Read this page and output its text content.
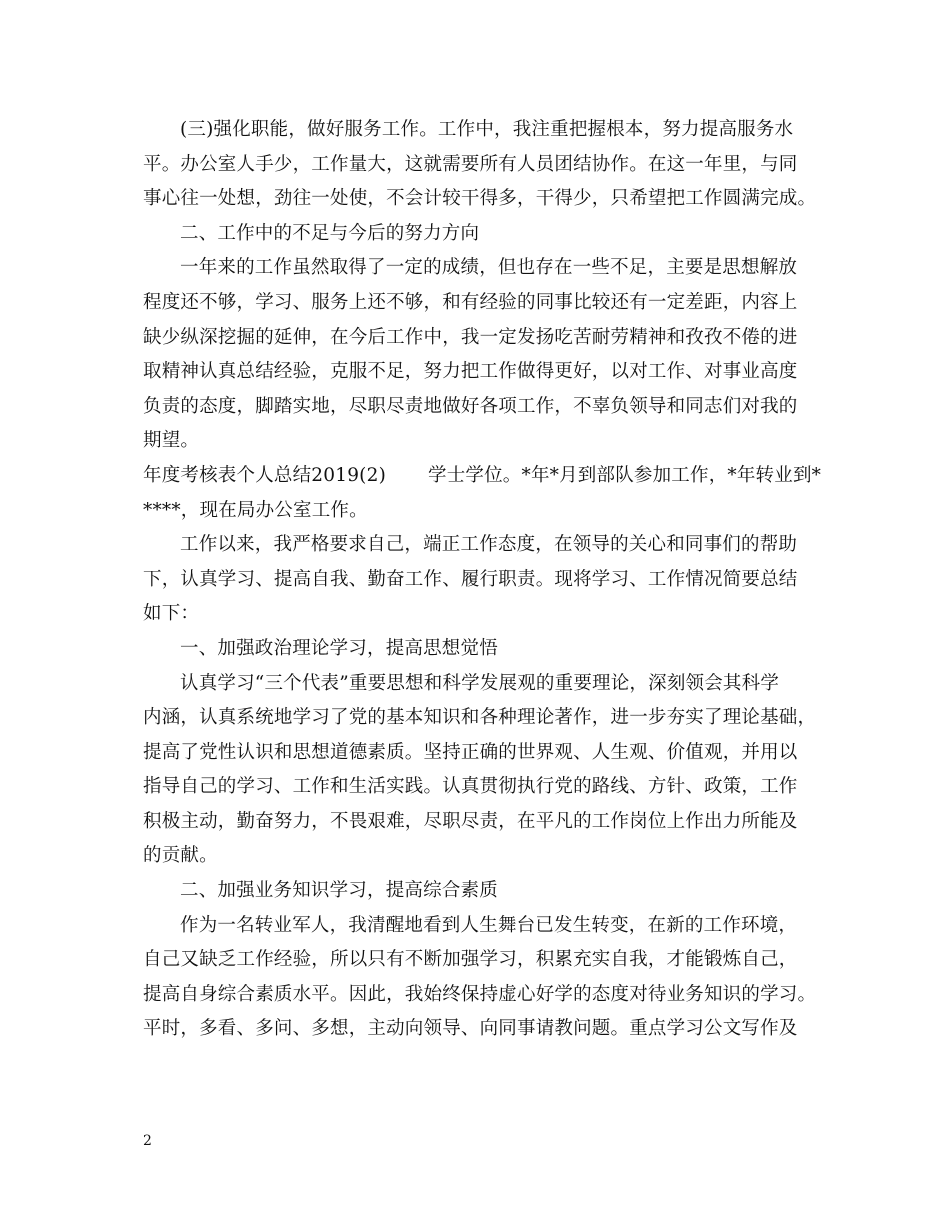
(三)强化职能，做好服务工作。工作中，我注重把握根本，努力提高服务水
平。办公室人手少，工作量大，这就需要所有人员团结协作。在这一年里，与同
事心往一处想，劲往一处使，不会计较干得多，干得少，只希望把工作圆满完成。
二、工作中的不足与今后的努力方向
一年来的工作虽然取得了一定的成绩，但也存在一些不足，主要是思想解放
程度还不够，学习、服务上还不够，和有经验的同事比较还有一定差距，内容上
缺少纵深挖掘的延伸，在今后工作中，我一定发扬吃苦耐劳精神和孜孜不倦的进
取精神认真总结经验，克服不足，努力把工作做得更好，以对工作、对事业高度
负责的态度，脚踏实地，尽职尽责地做好各项工作，不辜负领导和同志们对我的
期望。
年度考核表个人总结2019(2) 学士学位。*年*月到部队参加工作，*年转业到*
****，现在局办公室工作。
工作以来，我严格要求自己，端正工作态度，在领导的关心和同事们的帮助
下，认真学习、提高自我、勤奋工作、履行职责。现将学习、工作情况简要总结
如下：
一、加强政治理论学习，提高思想觉悟
认真学习“三个代表”重要思想和科学发展观的重要理论，深刻领会其科学
内涵，认真系统地学习了党的基本知识和各种理论著作，进一步夯实了理论基础，
提高了党性认识和思想道德素质。坚持正确的世界观、人生观、价值观，并用以
指导自己的学习、工作和生活实践。认真贯彻执行党的路线、方针、政策，工作
积极主动，勤奋努力，不畏艰难，尽职尽责，在平凡的工作岗位上作出力所能及
的贡献。
二、加强业务知识学习，提高综合素质
作为一名转业军人，我清醒地看到人生舞台已发生转变，在新的工作环境，
自己又缺乏工作经验，所以只有不断加强学习，积累充实自我，才能锻炼自己，
提高自身综合素质水平。因此，我始终保持虚心好学的态度对待业务知识的学习。
平时，多看、多问、多想，主动向领导、向同事请教问题。重点学习公文写作及
2
